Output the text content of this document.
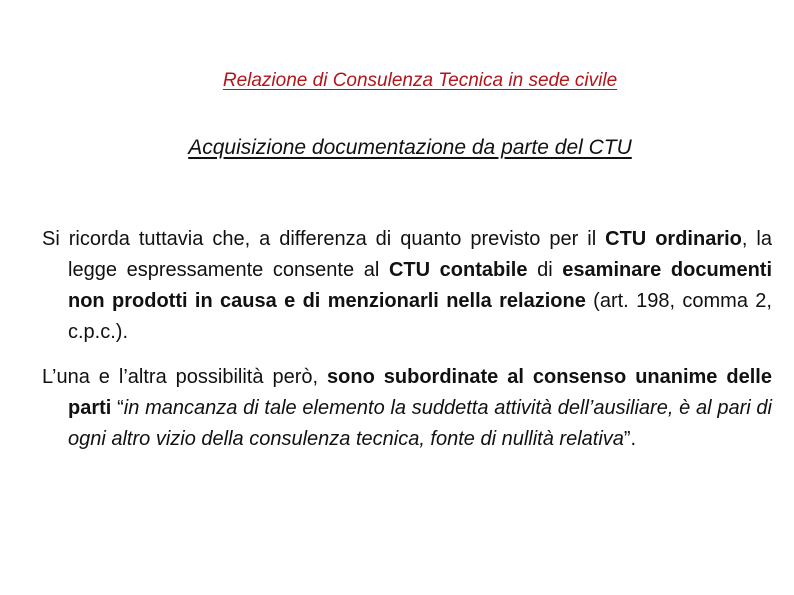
Relazione di Consulenza Tecnica in sede civile
Acquisizione documentazione da parte del CTU
Si ricorda tuttavia che, a differenza di quanto previsto per il CTU ordinario, la legge espressamente consente al CTU contabile di esaminare documenti non prodotti in causa e di menzionarli nella relazione (art. 198, comma 2, c.p.c.).
L’una e l’altra possibilità però, sono subordinate al consenso unanime delle parti “in mancanza di tale elemento la suddetta attività dell’ausiliare, è al pari di ogni altro vizio della consulenza tecnica, fonte di nullità relativa”.
